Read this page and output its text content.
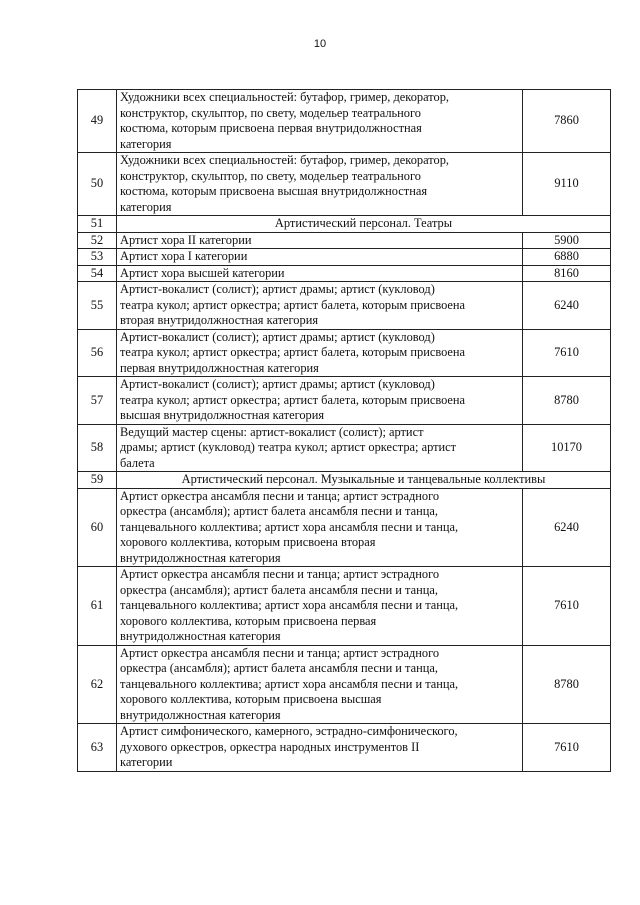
10
49	Художники всех специальностей: бутафор, гример, декоратор,
конструктор, скульптор, по свету, модельер театрального
костюма, которым присвоена первая внутридолжностная
категория	7860
50	Художники всех специальностей: бутафор, гример, декоратор,
конструктор, скульптор, по свету, модельер театрального
костюма, которым присвоена высшая внутридолжностная
категория	9110
51	Артистический персонал. Театры	
52	Артист хора II категории	5900
53	Артист хора I категории	6880
54	Артист хора высшей категории	8160
55	Артист-вокалист (солист); артист драмы; артист (кукловод)
театра кукол; артист оркестра; артист балета, которым присвоена
вторая внутридолжностная категория	6240
56	Артист-вокалист (солист); артист драмы; артист (кукловод)
театра кукол; артист оркестра; артист балета, которым присвоена
первая внутридолжностная категория	7610
57	Артист-вокалист (солист); артист драмы; артист (кукловод)
театра кукол; артист оркестра; артист балета, которым присвоена
высшая внутридолжностная категория	8780
58	Ведущий мастер сцены: артист-вокалист (солист); артист
драмы; артист (кукловод) театра кукол; артист оркестра; артист
балета	10170
59	Артистический персонал. Музыкальные и танцевальные коллективы	
60	Артист оркестра ансамбля песни и танца; артист эстрадного
оркестра (ансамбля); артист балета ансамбля песни и танца,
танцевального коллектива; артист хора ансамбля песни и танца,
хорового коллектива, которым присвоена вторая
внутридолжностная категория	6240
61	Артист оркестра ансамбля песни и танца; артист эстрадного
оркестра (ансамбля); артист балета ансамбля песни и танца,
танцевального коллектива; артист хора ансамбля песни и танца,
хорового коллектива, которым присвоена первая
внутридолжностная категория	7610
62	Артист оркестра ансамбля песни и танца; артист эстрадного
оркестра (ансамбля); артист балета ансамбля песни и танца,
танцевального коллектива; артист хора ансамбля песни и танца,
хорового коллектива, которым присвоена высшая
внутридолжностная категория	8780
63	Артист симфонического, камерного, эстрадно-симфонического,
духового оркестров, оркестра народных инструментов II
категории	7610
